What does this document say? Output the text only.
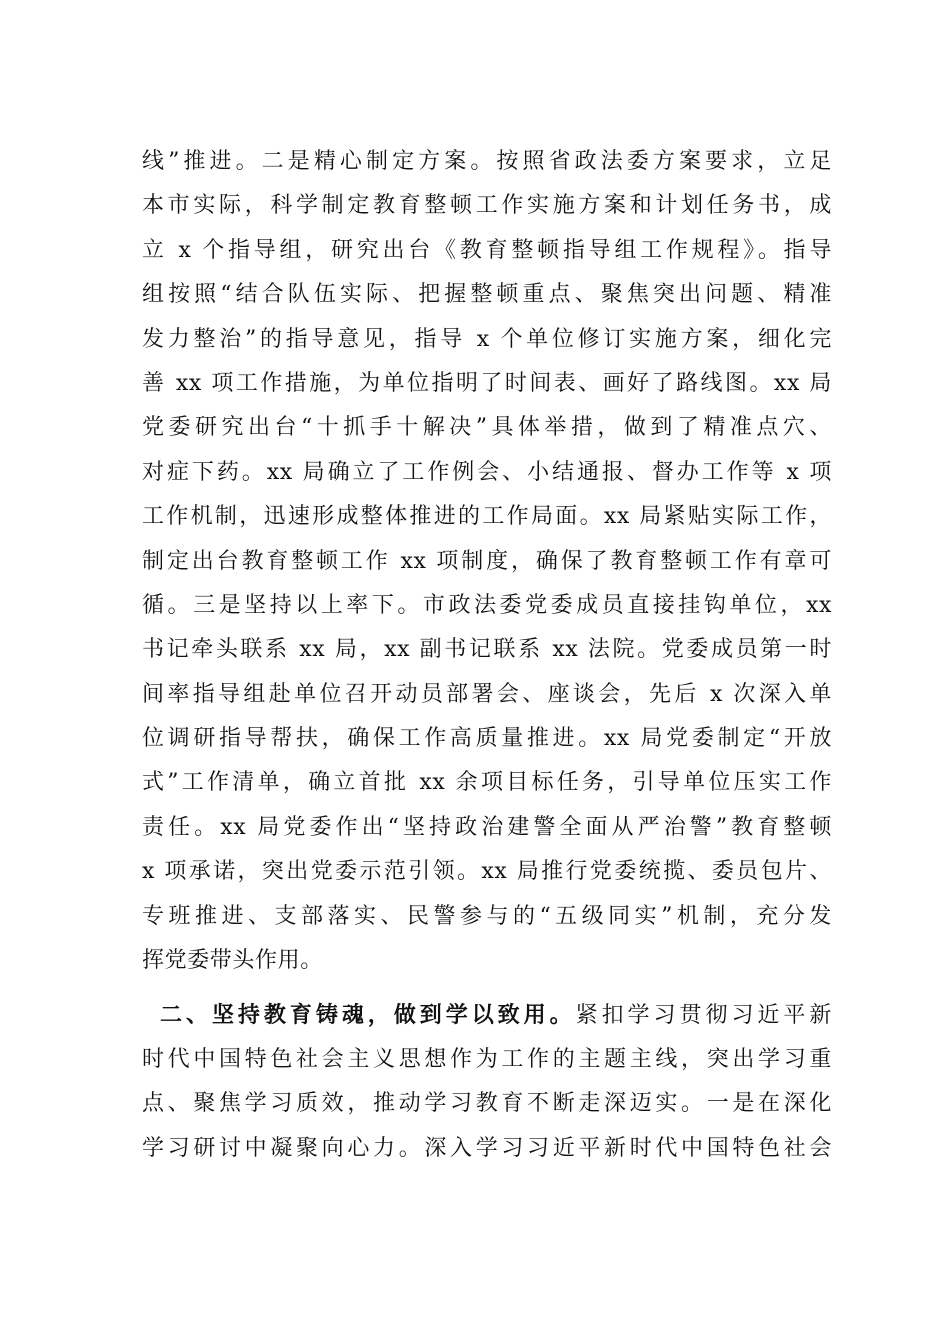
线”推进。二是精心制定方案。按照省政法委方案要求，立足
本市实际，科学制定教育整顿工作实施方案和计划任务书，成
立 x 个指导组，研究出台《教育整顿指导组工作规程》。指导
组按照“结合队伍实际、把握整顿重点、聚焦突出问题、精准
发力整治”的指导意见，指导 x 个单位修订实施方案，细化完
善 xx 项工作措施，为单位指明了时间表、画好了路线图。xx 局
党委研究出台“十抓手十解决”具体举措，做到了精准点穴、
对症下药。xx 局确立了工作例会、小结通报、督办工作等 x 项
工作机制，迅速形成整体推进的工作局面。xx 局紧贴实际工作，
制定出台教育整顿工作 xx 项制度，确保了教育整顿工作有章可
循。三是坚持以上率下。市政法委党委成员直接挂钩单位，xx
书记牵头联系 xx 局，xx 副书记联系 xx 法院。党委成员第一时
间率指导组赴单位召开动员部署会、座谈会，先后 x 次深入单
位调研指导帮扶，确保工作高质量推进。xx 局党委制定“开放
式”工作清单，确立首批 xx 余项目标任务，引导单位压实工作
责任。xx 局党委作出“坚持政治建警全面从严治警”教育整顿
x 项承诺，突出党委示范引领。xx 局推行党委统揽、委员包片、
专班推进、支部落实、民警参与的“五级同实”机制，充分发
挥党委带头作用。
二、坚持教育铸魂，做到学以致用。紧扣学习贯彻习近平新
时代中国特色社会主义思想作为工作的主题主线，突出学习重
点、聚焦学习质效，推动学习教育不断走深迈实。一是在深化
学习研讨中凝聚向心力。深入学习习近平新时代中国特色社会
